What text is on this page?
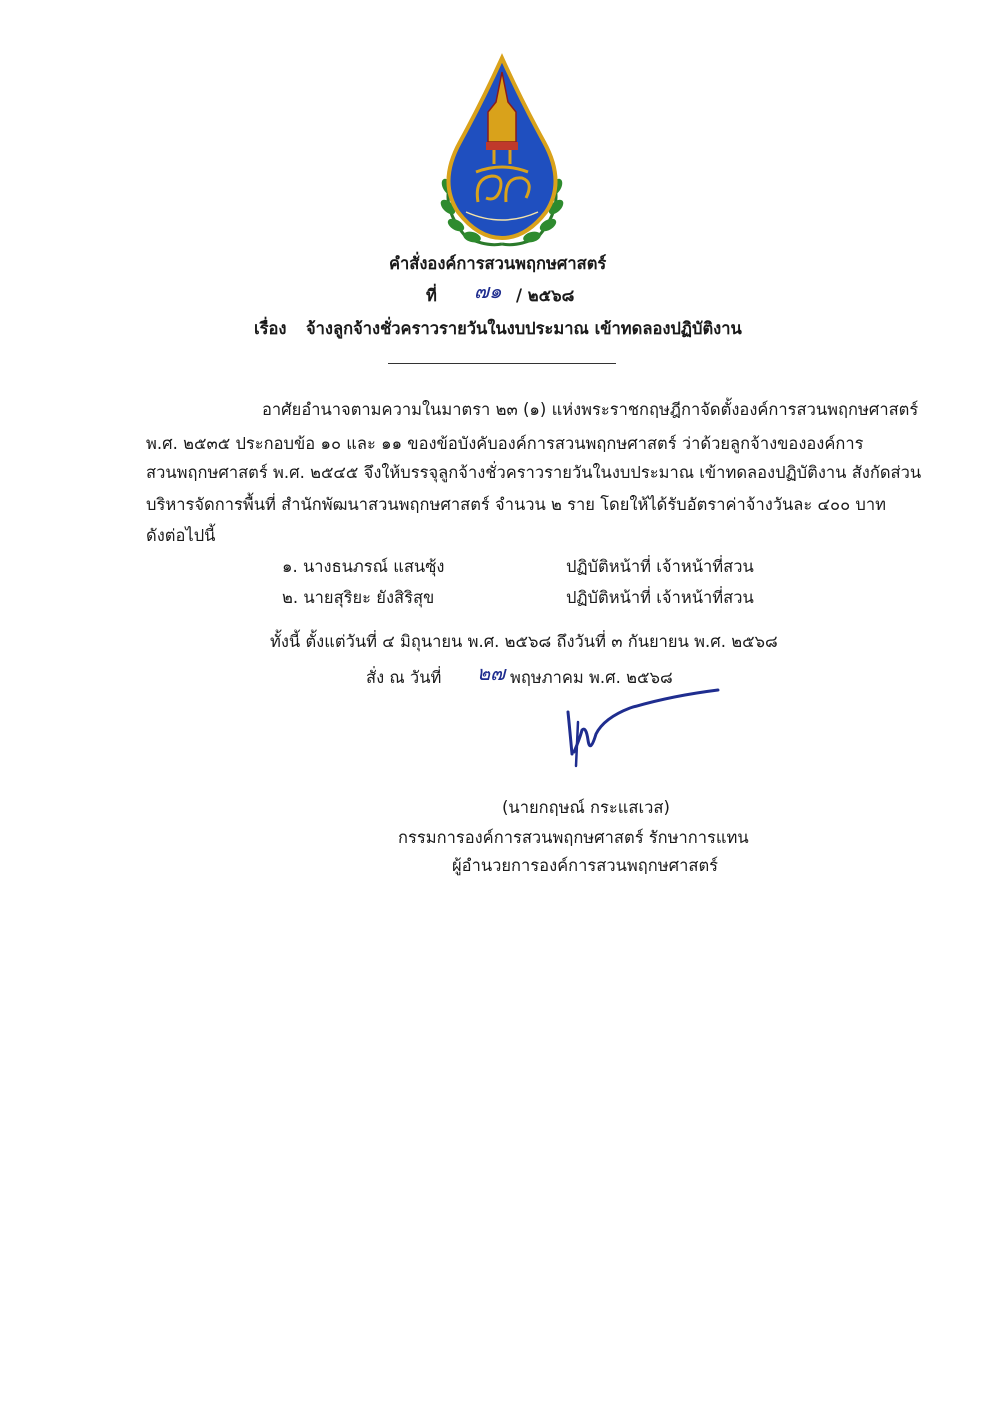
คำสั่งองค์การสวนพฤกษศาสตร์
ที่ ๗๑ / ๒๕๖๘
เรื่อง จ้างลูกจ้างชั่วคราวรายวันในงบประมาณ เข้าทดลองปฏิบัติงาน
อาศัยอำนาจตามความในมาตรา ๒๓ (๑) แห่งพระราชกฤษฎีกาจัดตั้งองค์การสวนพฤกษศาสตร์
พ.ศ. ๒๕๓๕ ประกอบข้อ ๑๐ และ ๑๑ ของข้อบังคับองค์การสวนพฤกษศาสตร์ ว่าด้วยลูกจ้างขององค์การ
สวนพฤกษศาสตร์ พ.ศ. ๒๕๔๕ จึงให้บรรจุลูกจ้างชั่วคราวรายวันในงบประมาณ เข้าทดลองปฏิบัติงาน สังกัดส่วน
บริหารจัดการพื้นที่ สำนักพัฒนาสวนพฤกษศาสตร์ จำนวน ๒ ราย โดยให้ได้รับอัตราค่าจ้างวันละ ๔๐๐ บาท
ดังต่อไปนี้
๑. นางธนภรณ์ แสนซุ้ง	ปฏิบัติหน้าที่ เจ้าหน้าที่สวน
๒. นายสุริยะ ยังสิริสุข	ปฏิบัติหน้าที่ เจ้าหน้าที่สวน
ทั้งนี้ ตั้งแต่วันที่ ๔ มิถุนายน พ.ศ. ๒๕๖๘ ถึงวันที่ ๓ กันยายน พ.ศ. ๒๕๖๘
สั่ง ณ วันที่ ๒๗ พฤษภาคม พ.ศ. ๒๕๖๘
(นายกฤษณ์ กระแสเวส)
กรรมการองค์การสวนพฤกษศาสตร์ รักษาการแทน
ผู้อำนวยการองค์การสวนพฤกษศาสตร์
